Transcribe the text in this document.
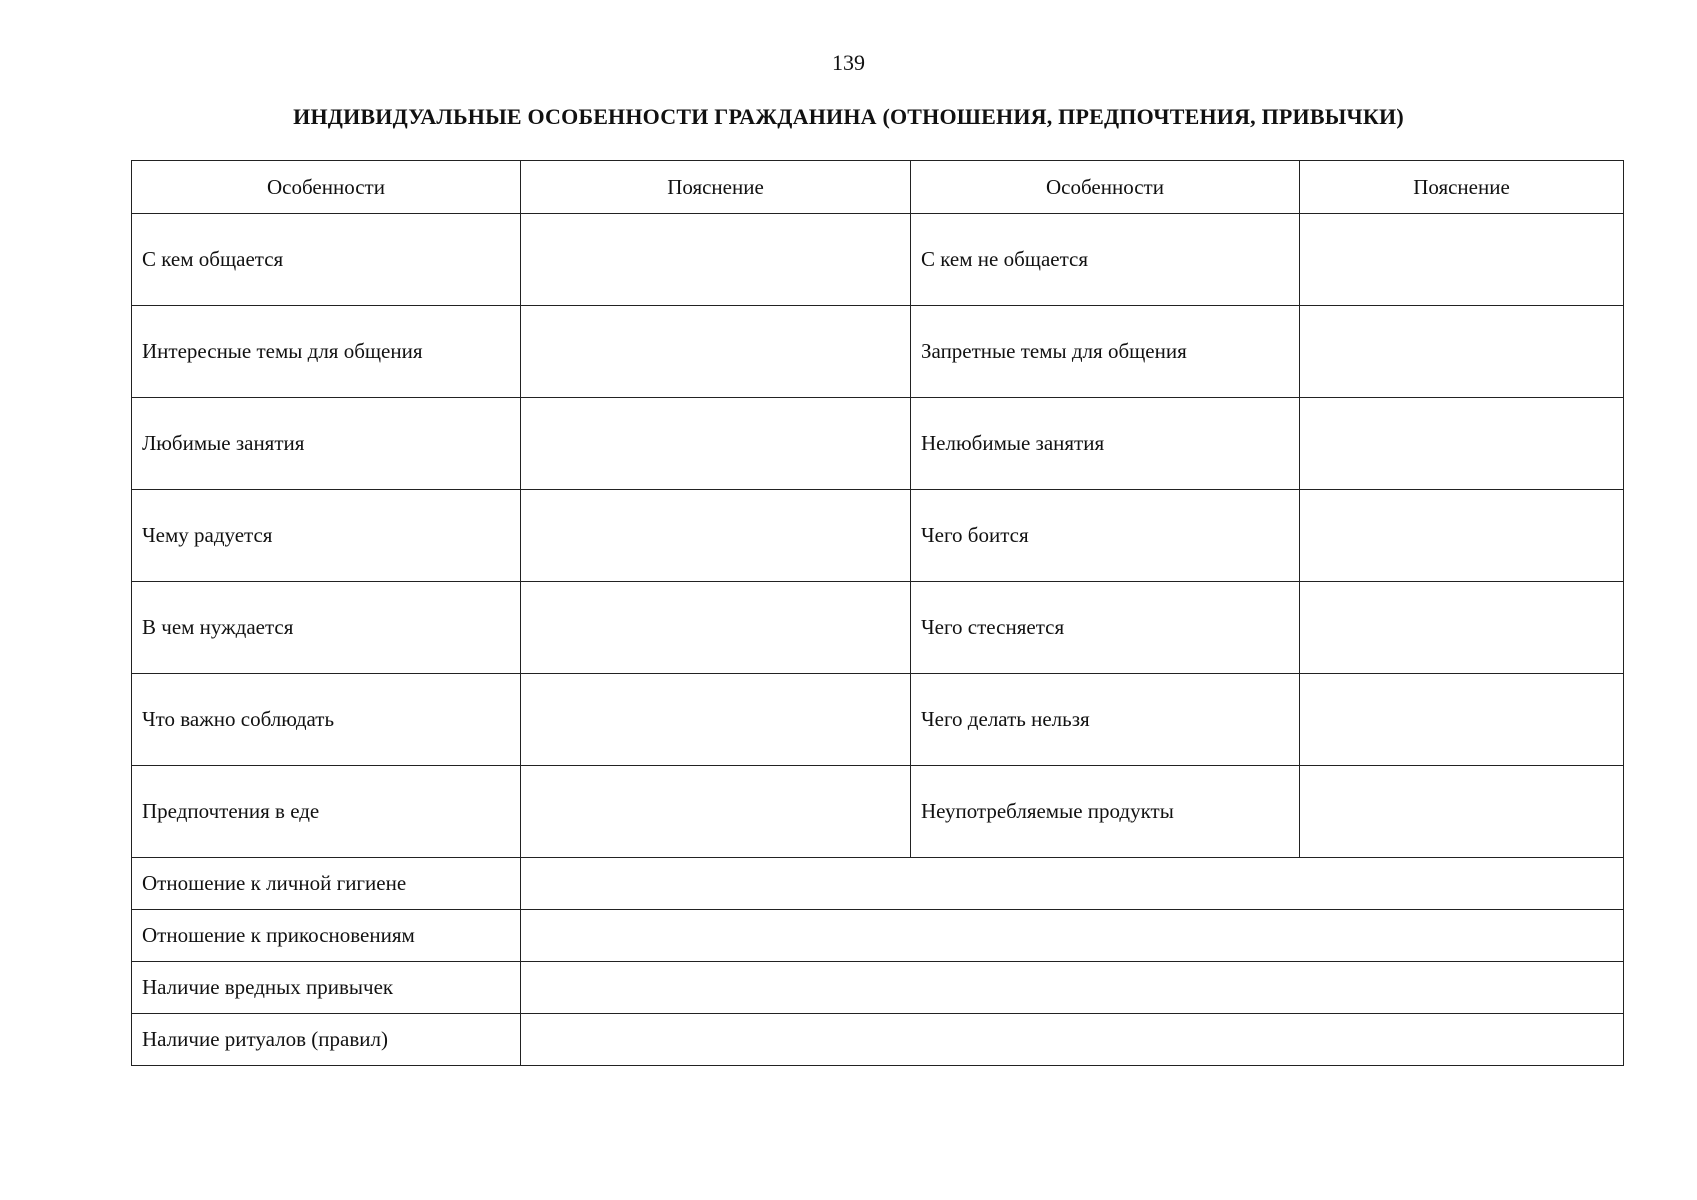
139
ИНДИВИДУАЛЬНЫЕ ОСОБЕННОСТИ ГРАЖДАНИНА (ОТНОШЕНИЯ, ПРЕДПОЧТЕНИЯ, ПРИВЫЧКИ)
Особенности	Пояснение	Особенности	Пояснение
С кем общается		С кем не общается	
Интересные темы для общения		Запретные темы для общения	
Любимые занятия		Нелюбимые занятия	
Чему радуется		Чего боится	
В чем нуждается		Чего стесняется	
Что важно соблюдать		Чего делать нельзя	
Предпочтения в еде		Неупотребляемые продукты	
Отношение к личной гигиене			
Отношение к прикосновениям			
Наличие вредных привычек			
Наличие ритуалов (правил)			
